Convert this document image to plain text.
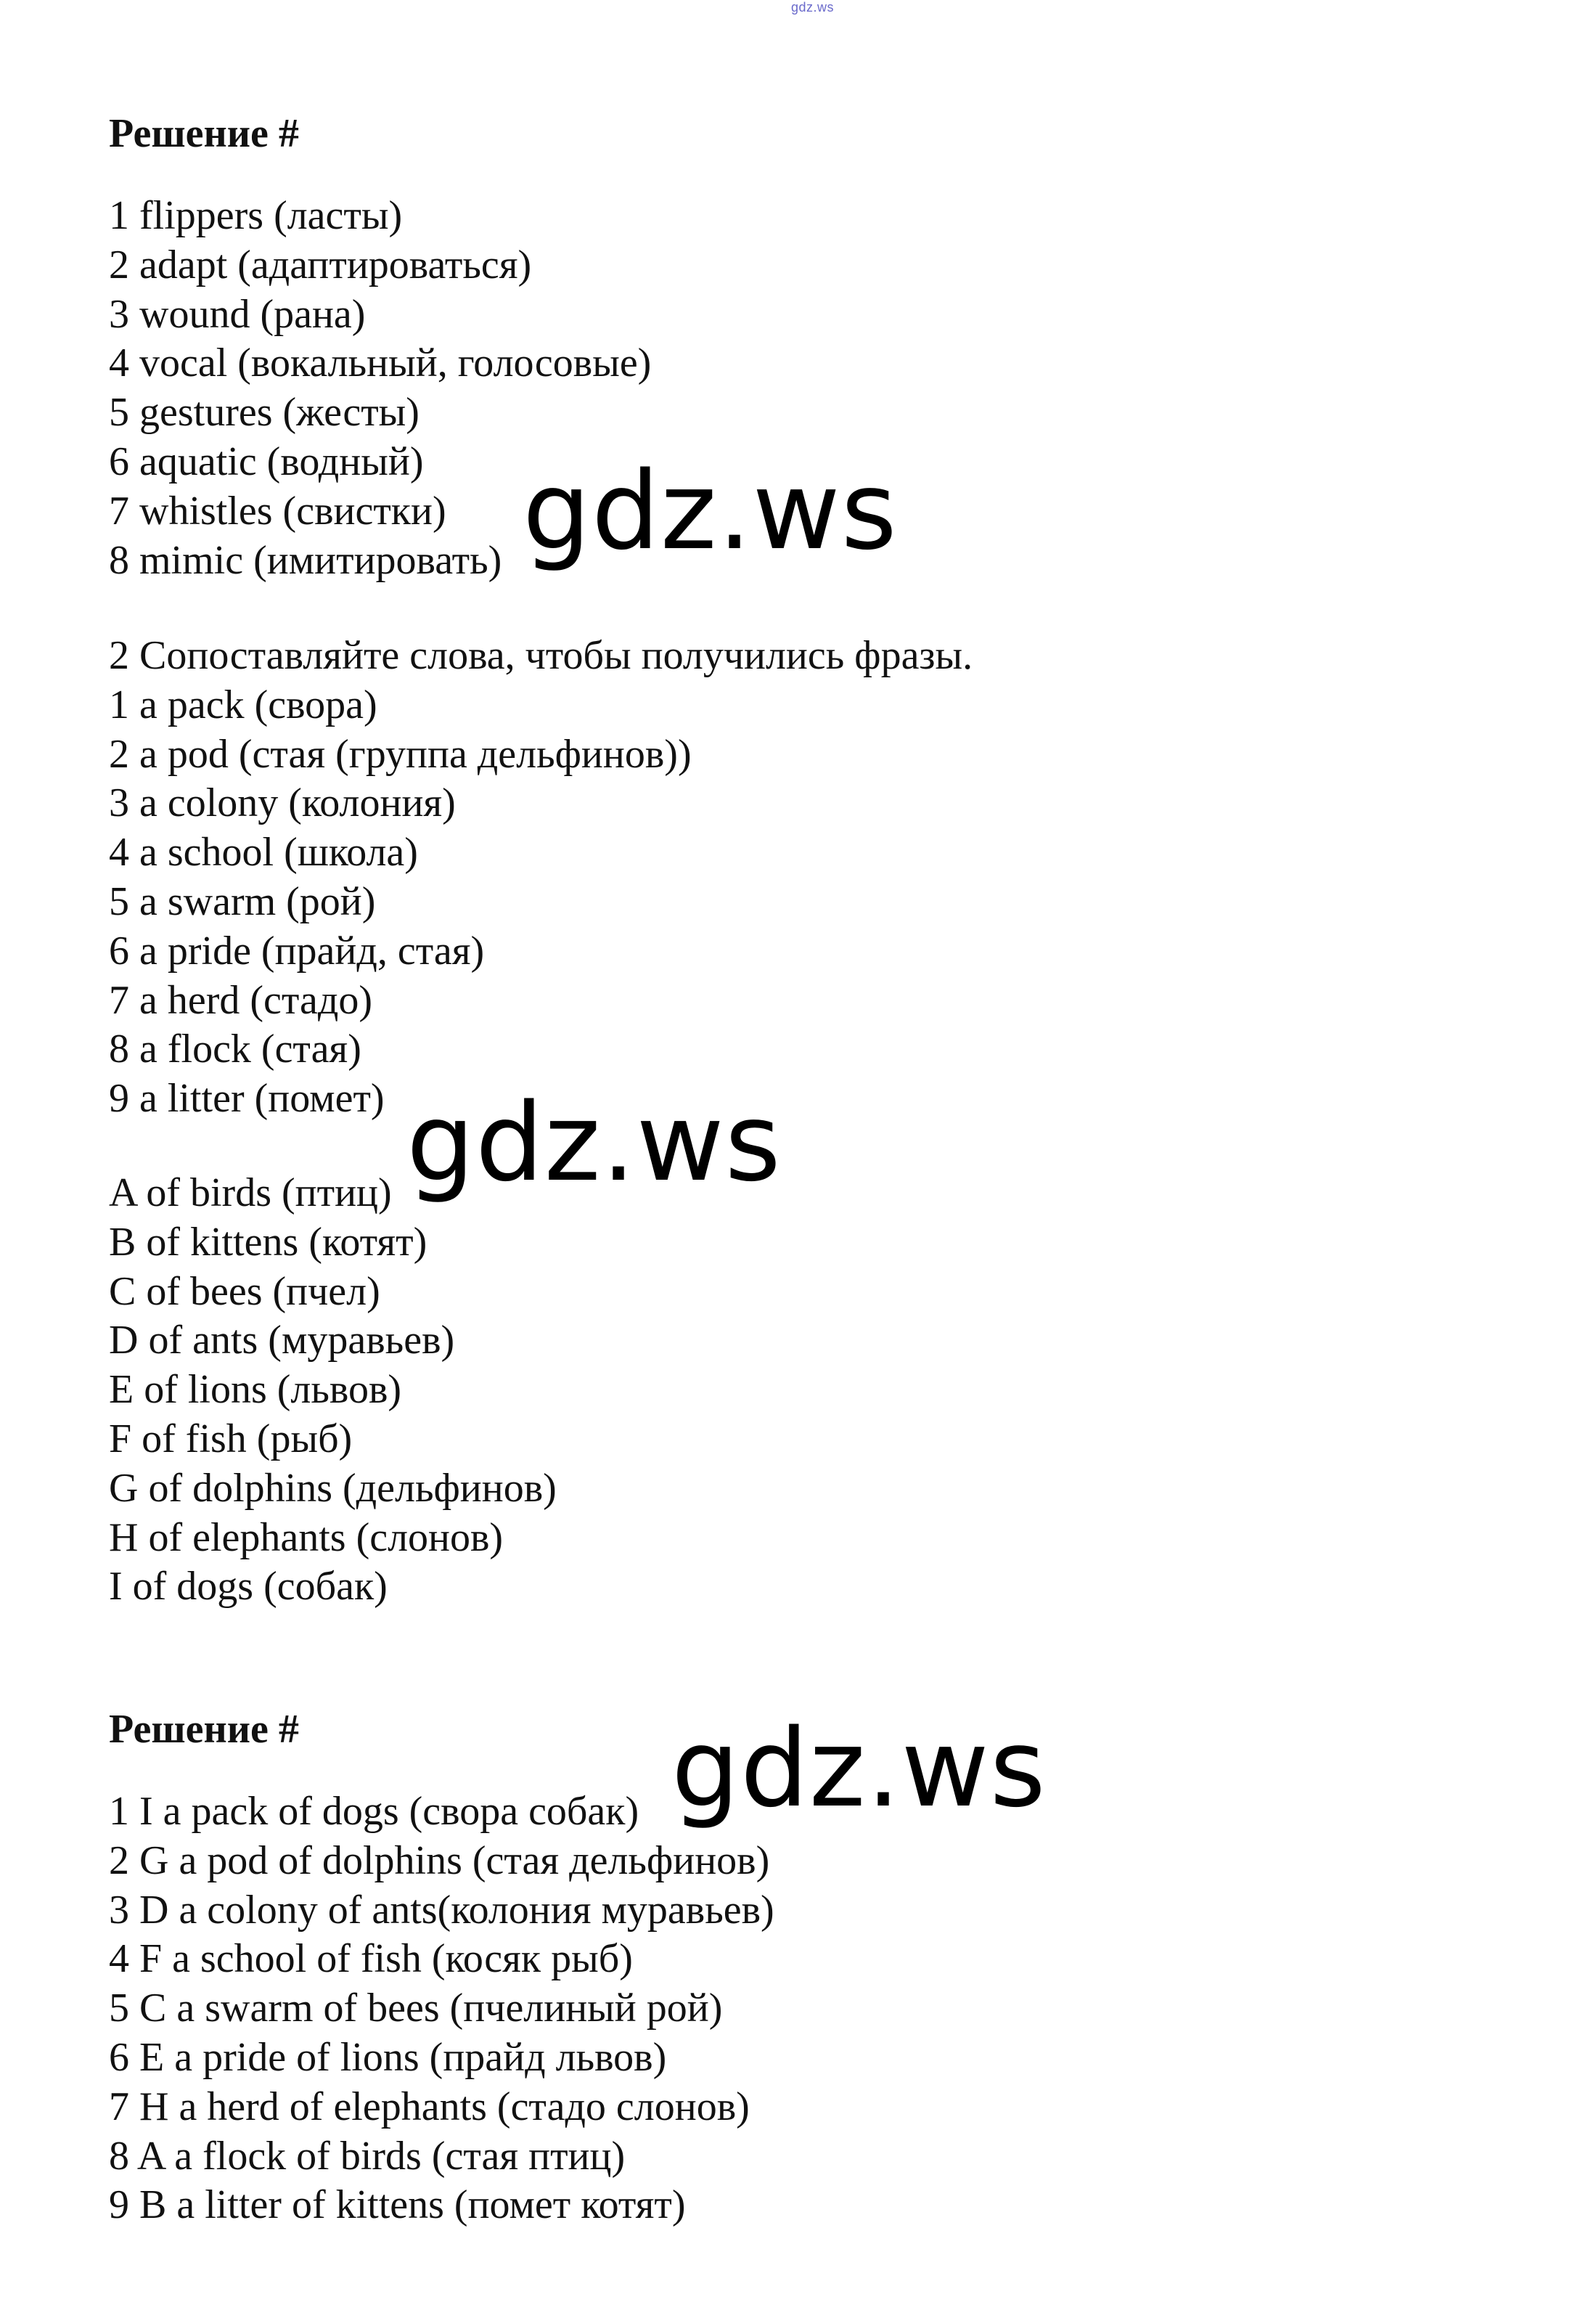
gdz.ws
Решение #
1 flippers (ласты)
2 adapt (адаптироваться)
3 wound (рана)
4 vocal (вокальный, голосовые)
5 gestures (жесты)
6 aquatic (водный)
7 whistles (свистки)
8 mimic (имитировать)
2 Сопоставляйте слова, чтобы получились фразы.
1 a pack (свора)
2 a pod (стая (группа дельфинов))
3 a colony (колония)
4 a school (школа)
5 a swarm (рой)
6 a pride (прайд, стая)
7 a herd (стадо)
8 a flock (стая)
9 a litter (помет)
A of birds (птиц)
B of kittens (котят)
C of bees (пчел)
D of ants (муравьев)
E of lions (львов)
F of fish (рыб)
G of dolphins (дельфинов)
H of elephants (слонов)
I of dogs (собак)
Решение #
1 I a pack of dogs (свора собак)
2 G a pod of dolphins (стая дельфинов)
3 D a colony of ants(колония муравьев)
4 F a school of fish (косяк рыб)
5 C a swarm of bees (пчелиный рой)
6 E a pride of lions (прайд львов)
7 H a herd of elephants (стадо слонов)
8 A a flock of birds (стая птиц)
9 B a litter of kittens (помет котят)
gdz.ws
gdz.ws
gdz.ws
